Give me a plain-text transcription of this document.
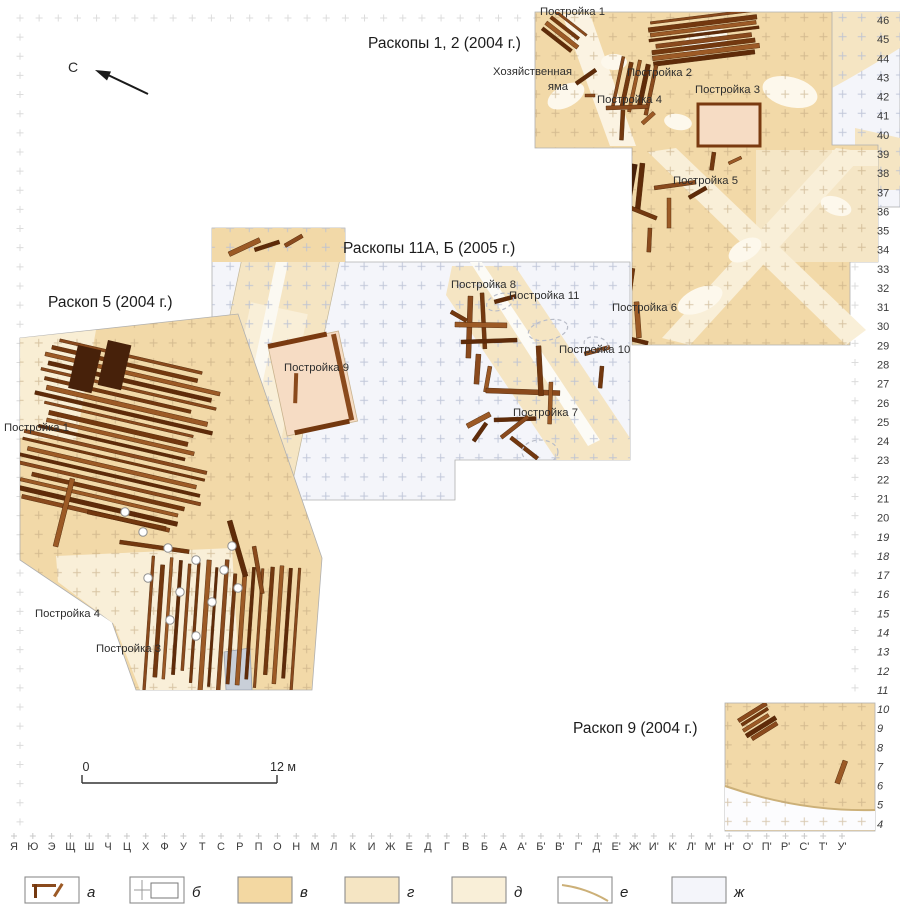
С
0	12 м
46
45
44
43
42
41
40
39
38
37
36
35
34
33
32
31
30
29
28
27
26
25
24
23
22
21
20
19
18
17
16
15
14
13
12
11
10
9
8
7
6
5
4
Я Ю Э Щ Ш Ч Ц Х Ф У Т С Р П О Н М Л К И Ж Е Д Г В Б А А' Б' В' Г' Д' Е' Ж' И' К' Л' М' Н' О' П' Р' С' Т' У'
Постройка 1
Хозяйственная
яма
Постройка 2
Постройка 4
Постройка 3
Постройка 5
Постройка 6
Постройка 8
Постройка 11
Постройка 10
Постройка 7
Постройка 9
Постройка 1
Постройка 4
Постройка 3
Раскопы 1, 2 (2004 г.)
Раскопы 11А, Б (2005 г.)
Раскоп 5 (2004 г.)
Раскоп 9 (2004 г.)
а	б	в	г	д	е	ж
